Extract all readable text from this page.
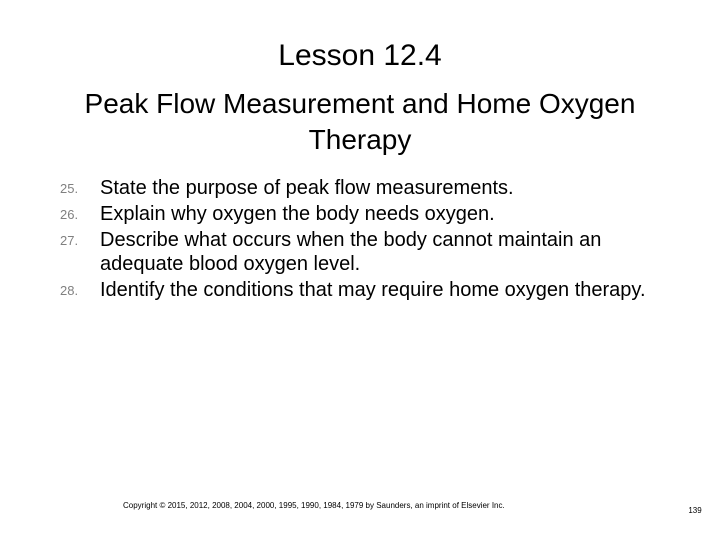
Lesson 12.4
Peak Flow Measurement and Home Oxygen Therapy
25. State the purpose of peak flow measurements.
26. Explain why oxygen the body needs oxygen.
27. Describe what occurs when the body cannot maintain an adequate blood oxygen level.
28. Identify the conditions that may require home oxygen therapy.
Copyright © 2015, 2012, 2008, 2004, 2000, 1995, 1990, 1984, 1979 by Saunders, an imprint of Elsevier Inc.
139
